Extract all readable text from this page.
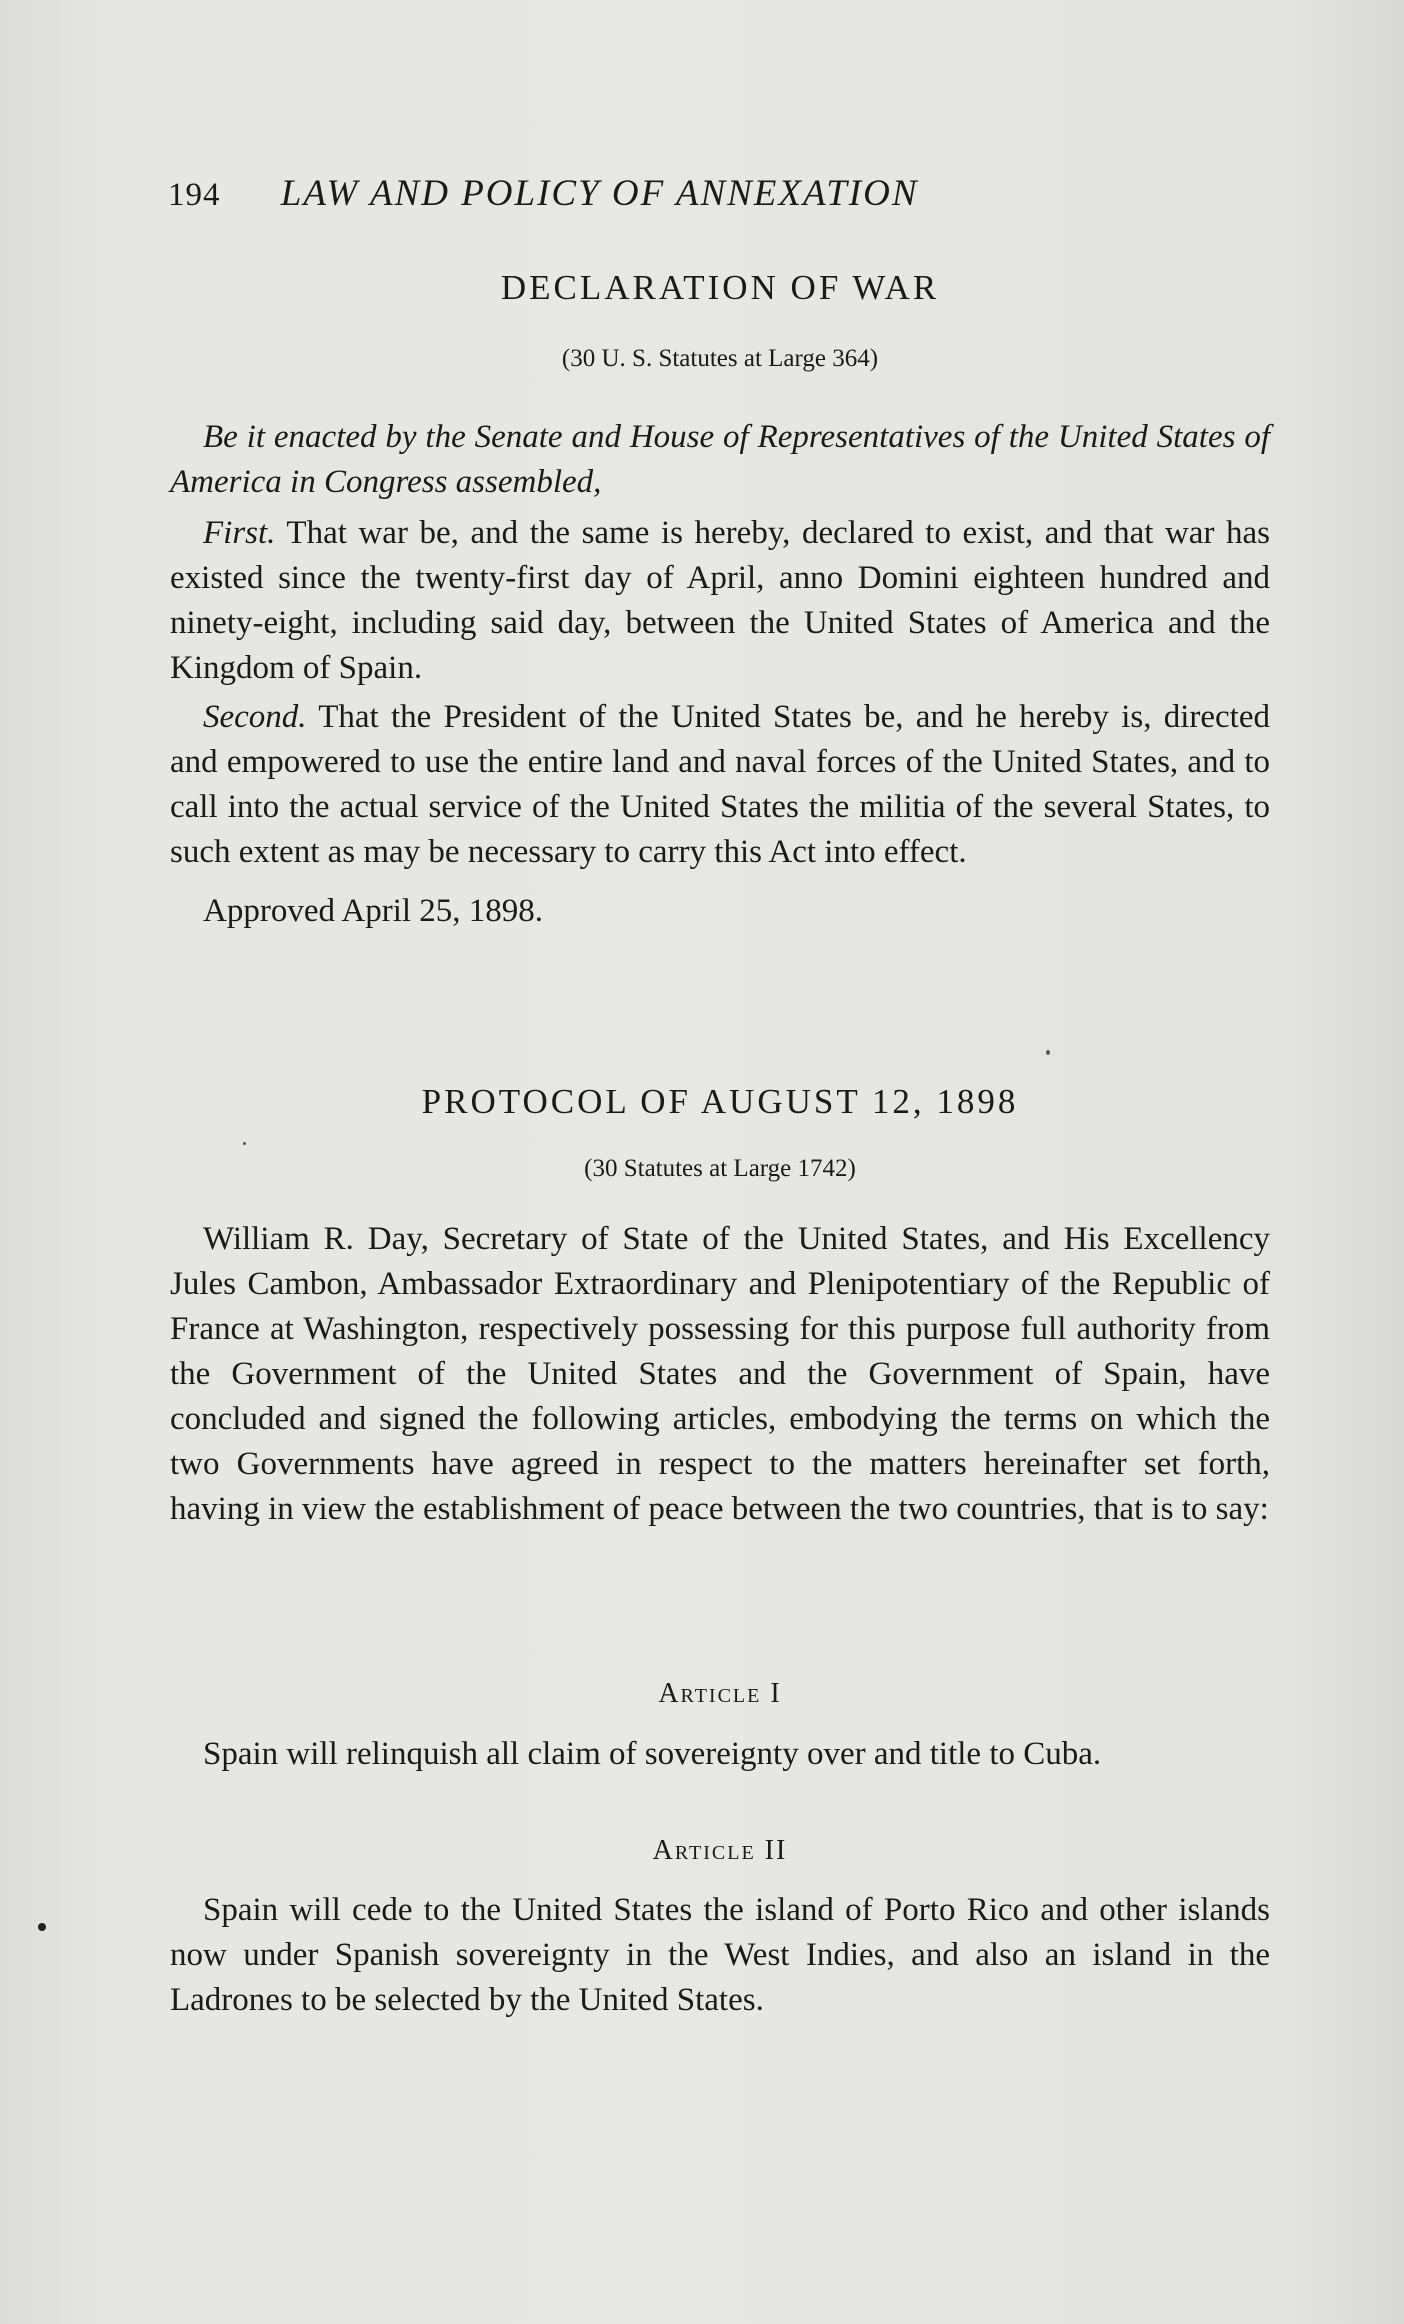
194 LAW AND POLICY OF ANNEXATION
DECLARATION OF WAR
(30 U. S. Statutes at Large 364)

Be it enacted by the Senate and House of Representatives of the United States of America in Congress assembled,

First. That war be, and the same is hereby, declared to exist, and that war has existed since the twenty-first day of April, anno Domini eighteen hundred and ninety-eight, including said day, between the United States of America and the Kingdom of Spain.

Second. That the President of the United States be, and he hereby is, directed and empowered to use the entire land and naval forces of the United States, and to call into the actual service of the United States the militia of the several States, to such extent as may be necessary to carry this Act into effect.

Approved April 25, 1898.

PROTOCOL OF AUGUST 12, 1898
(30 Statutes at Large 1742)

William R. Day, Secretary of State of the United States, and His Excellency Jules Cambon, Ambassador Extraordinary and Plenipotentiary of the Republic of France at Washington, respectively possessing for this purpose full authority from the Government of the United States and the Government of Spain, have concluded and signed the following articles, embodying the terms on which the two Governments have agreed in respect to the matters hereinafter set forth, having in view the establishment of peace between the two countries, that is to say:

Article I

Spain will relinquish all claim of sovereignty over and title to Cuba.

Article II

Spain will cede to the United States the island of Porto Rico and other islands now under Spanish sovereignty in the West Indies, and also an island in the Ladrones to be selected by the United States.
